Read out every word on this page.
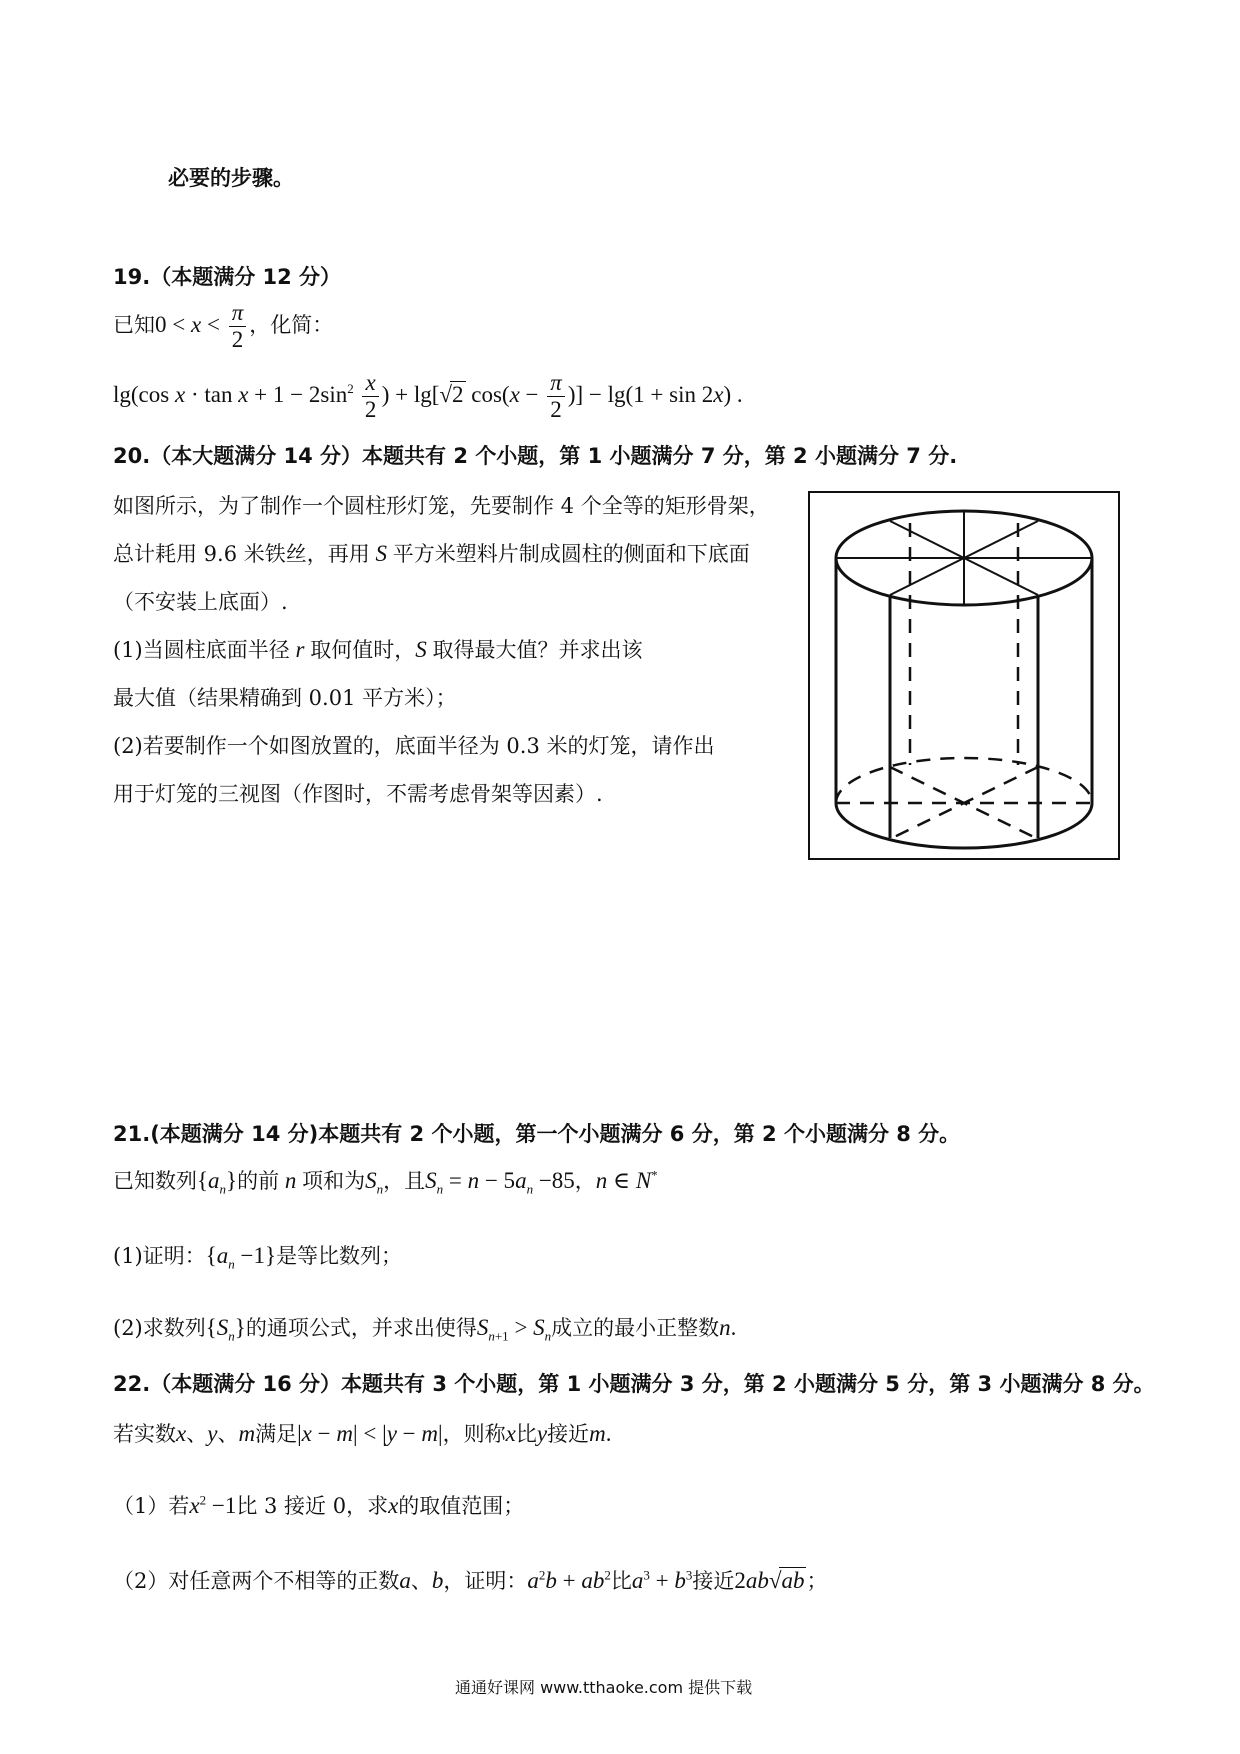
必要的步骤。
19.（本题满分 12 分）
已知$0 < x < \frac{\pi}{2}$ ，化简：
lg(cos $x \cdot \tan x + 1 - 2\sin^2 \frac{x}{2}$ ) + lg[√2 $\cos(x - \frac{\pi}{2}$ )] − lg(1 + sin 2x) .
20.（本大题满分 14 分）本题共有 2 个小题，第 1 小题满分 7 分，第 2 小题满分 7 分.
如图所示，为了制作一个圆柱形灯笼，先要制作 4 个全等的矩形骨架，
总计耗用 9.6 米铁丝，再用 S 平方米塑料片制成圆柱的侧面和下底面
（不安装上底面）.
(1)当圆柱底面半径 r 取何值时，S 取得最大值？并求出该
最大值（结果精确到 0.01 平方米）；
(2)若要制作一个如图放置的，底面半径为 0.3 米的灯笼，请作出
用于灯笼的三视图（作图时，不需考虑骨架等因素）.
21.(本题满分 14 分)本题共有 2 个小题，第一个小题满分 6 分，第 2 个小题满分 8 分。
已知数列$\{a_n\}$的前 n 项和为$S_n$，且$S_n = n - 5a_n -85$，n ∈ N*
(1)证明：$\{a_n -1\}$是等比数列；
(2)求数列$\{S_n\}$的通项公式，并求出使得$S_{n+1} > S_n$成立的最小正整数n.
22.（本题满分 16 分）本题共有 3 个小题，第 1 小题满分 3 分，第 2 小题满分 5 分，第 3 小题满分 8 分。
若实数x、y、m满足|x − m| < |y − m|，则称x比y接近m.
（1）若$x^2 -1$比 3 接近 0，求x的取值范围；
（2）对任意两个不相等的正数a、b，证明：$a^2b + ab^2$比$a^3 + b^3$接近2ab√ab；
通通好课网 www.tthaoke.com 提供下载
